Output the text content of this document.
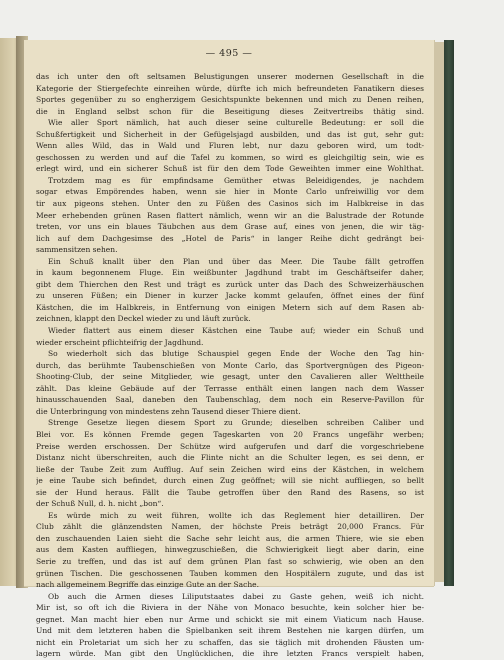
— 495 —
das ich unter den oft seltsamen Belustigungen unserer modernen Gesellschaft in die
Kategorie der Stiergefechte einreihen würde, dürfte ich mich befreundeten Fanatikern dieses
Sportes gegenüber zu so engherzigem Gesichtspunkte bekennen und mich zu Denen reihen,
die in England selbst schon für die Beseitigung dieses Zeitvertreibs thätig sind.
Wie aller Sport nämlich, hat auch dieser seine culturelle Bedeutung: er soll die
Schußfertigkeit und Sicherheit in der Gefügelsjagd ausbilden, und das ist gut, sehr gut:
Wenn alles Wild, das in Wald und Fluren lebt, nur dazu geboren wird, um todt-
geschossen zu werden und auf die Tafel zu kommen, so wird es gleichgiltig sein, wie es
erlegt wird, und ein sicherer Schuß ist für den dem Tode Geweihten immer eine Wohlthat.
Trotzdem mag es für empfindsame Gemüther etwas Beleidigendes, je nachdem
sogar etwas Empörendes haben, wenn sie hier in Monte Carlo unfreiwillig vor dem
tir aux pigeons stehen. Unter den zu Füßen des Casinos sich im Halbkreise in das
Meer erhebenden grünen Rasen flattert nämlich, wenn wir an die Balustrade der Rotunde
treten, vor uns ein blaues Täubchen aus dem Grase auf, eines von jenen, die wir täg-
lich auf dem Dachgesimse des „Hotel de Paris“ in langer Reihe dicht gedrängt bei-
sammensitzen sehen.
Ein Schuß knallt über den Plan und über das Meer. Die Taube fällt getroffen
in kaum begonnenem Fluge. Ein weißbunter Jagdhund trabt im Geschäftseifer daher,
gibt dem Thierchen den Rest und trägt es zurück unter das Dach des Schweizerhäuschen
zu unseren Füßen; ein Diener in kurzer Jacke kommt gelaufen, öffnet eines der fünf
Kästchen, die im Halbkreis, in Entfernung von einigen Metern sich auf dem Rasen ab-
zeichnen, klappt den Deckel wieder zu und läuft zurück.
Wieder flattert aus einem dieser Kästchen eine Taube auf; wieder ein Schuß und
wieder erscheint pflichteifrig der Jagdhund.
So wiederholt sich das blutige Schauspiel gegen Ende der Woche den Tag hin-
durch, das berühmte Taubenschießen von Monte Carlo, das Sportvergnügen des Pigeon-
Shooting-Club, der seine Mitglieder, wie gesagt, unter den Cavalieren aller Welttheile
zählt. Das kleine Gebäude auf der Terrasse enthält einen langen nach dem Wasser
hinausschauenden Saal, daneben den Taubenschlag, dem noch ein Reserve-Pavillon für
die Unterbringung von mindestens zehn Tausend dieser Thiere dient.
Strenge Gesetze liegen diesem Sport zu Grunde; dieselben schreiben Caliber und
Blei vor. Es können Fremde gegen Tageskarten von 20 Francs ungefähr werben;
Preise werden erschossen. Der Schütze wird aufgerufen und darf die vorgeschriebene
Distanz nicht überschreiten, auch die Flinte nicht an die Schulter legen, es sei denn, er
ließe der Taube Zeit zum Aufflug. Auf sein Zeichen wird eins der Kästchen, in welchem
je eine Taube sich befindet, durch einen Zug geöffnet; will sie nicht auffliegen, so bellt
sie der Hund heraus. Fällt die Taube getroffen über den Rand des Rasens, so ist
der Schuß Null, d. h. nicht „bon“.
Es würde mich zu weit führen, wollte ich das Reglement hier detailliren. Der
Club zählt die glänzendsten Namen, der höchste Preis beträgt 20,000 Francs. Für
den zuschauenden Laien sieht die Sache sehr leicht aus, die armen Thiere, wie sie eben
aus dem Kasten auffliegen, hinwegzuschießen, die Schwierigkeit liegt aber darin, eine
Serie zu treffen, und das ist auf dem grünen Plan fast so schwierig, wie oben an den
grünen Tischen. Die geschossenen Tauben kommen den Hospitälern zugute, und das ist
nach allgemeinem Begriffe das einzige Gute an der Sache.
Ob auch die Armen dieses Liliputstaates dabei zu Gaste gehen, weiß ich nicht.
Mir ist, so oft ich die Riviera in der Nähe von Monaco besuchte, kein solcher hier be-
gegnet. Man macht hier eben nur Arme und schickt sie mit einem Viaticum nach Hause.
Und mit dem letzteren haben die Spielbanken seit ihrem Bestehen nie kargen dürfen, um
nicht ein Proletariat um sich her zu schaffen, das sie täglich mit drohenden Fäusten um-
lagern würde. Man gibt den Unglücklichen, die ihre letzten Francs verspielt haben,
